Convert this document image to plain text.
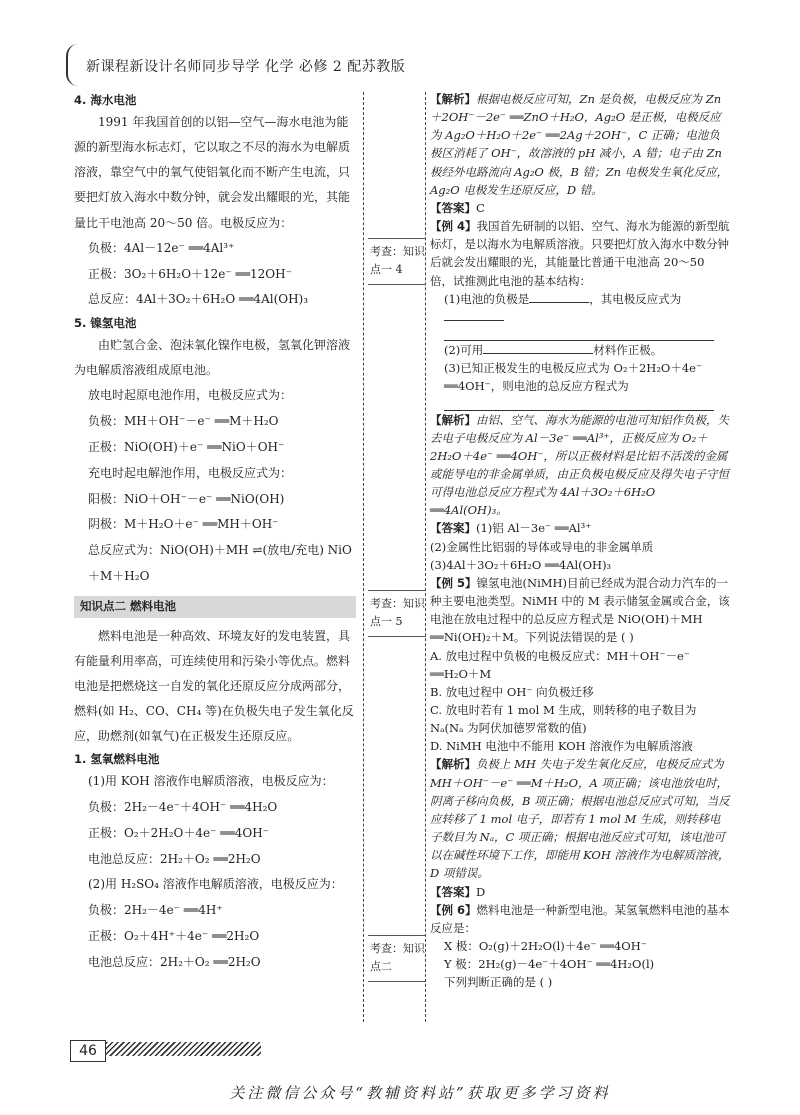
新课程新设计名师同步导学 化学 必修 2 配苏教版

4. 海水电池

1991 年我国首创的以铝—空气—海水电池为能源的新型海水标志灯，它以取之不尽的海水为电解质溶液，靠空气中的氧气使铝氧化而不断产生电流，只要把灯放入海水中数分钟，就会发出耀眼的光，其能量比干电池高 20～50 倍。电极反应为：

负极：4Al－12e⁻ ══4Al³⁺

正极：3O₂＋6H₂O＋12e⁻ ══12OH⁻

总反应：4Al＋3O₂＋6H₂O ══4Al(OH)₃

5. 镍氢电池

由贮氢合金、泡沫氧化镍作电极，氢氧化钾溶液为电解质溶液组成原电池。

放电时起原电池作用，电极反应式为：

负极：MH＋OH⁻－e⁻ ══M＋H₂O

正极：NiO(OH)＋e⁻ ══NiO＋OH⁻

充电时起电解池作用，电极反应式为：

阳极：NiO＋OH⁻－e⁻ ══NiO(OH)

阴极：M＋H₂O＋e⁻ ══MH＋OH⁻

总反应式为：NiO(OH)＋MH ⇌(放电/充电) NiO＋M＋H₂O

知识点二 燃料电池

燃料电池是一种高效、环境友好的发电装置，具有能量利用率高，可连续使用和污染小等优点。燃料电池是把燃烧这一自发的氧化还原反应分成两部分，燃料(如 H₂、CO、CH₄ 等)在负极失电子发生氧化反应，助燃剂(如氧气)在正极发生还原反应。

1. 氢氧燃料电池

(1)用 KOH 溶液作电解质溶液，电极反应为：

负极：2H₂－4e⁻＋4OH⁻ ══4H₂O

正极：O₂＋2H₂O＋4e⁻ ══4OH⁻

电池总反应：2H₂＋O₂ ══2H₂O

(2)用 H₂SO₄ 溶液作电解质溶液，电极反应为：

负极：2H₂－4e⁻ ══4H⁺

正极：O₂＋4H⁺＋4e⁻ ══2H₂O

电池总反应：2H₂＋O₂ ══2H₂O

考查：知识点一 4
考查：知识点一 5
考查：知识点二

【解析】根据电极反应可知，Zn 是负极，电极反应为 Zn＋2OH⁻－2e⁻ ══ZnO＋H₂O，Ag₂O 是正极，电极反应为 Ag₂O＋H₂O＋2e⁻ ══2Ag＋2OH⁻，C 正确；电池负极区消耗了 OH⁻，故溶液的 pH 减小，A 错；电子由 Zn 极经外电路流向 Ag₂O 极，B 错；Zn 电极发生氧化反应，Ag₂O 电极发生还原反应，D 错。

【答案】C

【例 4】我国首先研制的以铝、空气、海水为能源的新型航标灯，是以海水为电解质溶液。只要把灯放入海水中数分钟后就会发出耀眼的光，其能量比普通干电池高 20～50 倍，试推测此电池的基本结构：

(1)电池的负极是	，其电极反应式为

(2)可用	材料作正极。

(3)已知正极发生的电极反应式为 O₂＋2H₂O＋4e⁻ ══4OH⁻，则电池的总反应方程式为

【解析】由铝、空气、海水为能源的电池可知铝作负极，失去电子电极反应为 Al－3e⁻ ══Al³⁺，正极反应为 O₂＋2H₂O＋4e⁻ ══4OH⁻，所以正极材料是比铝不活泼的金属或能导电的非金属单质，由正负极电极反应及得失电子守恒可得电池总反应方程式为 4Al＋3O₂＋6H₂O ══4Al(OH)₃。

【答案】(1)铝 Al－3e⁻ ══Al³⁺

(2)金属性比铝弱的导体或导电的非金属单质

(3)4Al＋3O₂＋6H₂O ══4Al(OH)₃

【例 5】镍氢电池(NiMH)目前已经成为混合动力汽车的一种主要电池类型。NiMH 中的 M 表示储氢金属或合金，该电池在放电过程中的总反应方程式是 NiO(OH)＋MH ══Ni(OH)₂＋M。下列说法错误的是 ( )

A. 放电过程中负极的电极反应式：MH＋OH⁻－e⁻ ══H₂O＋M

B. 放电过程中 OH⁻ 向负极迁移

C. 放电时若有 1 mol M 生成，则转移的电子数目为 Nₐ(Nₐ 为阿伏加德罗常数的值)

D. NiMH 电池中不能用 KOH 溶液作为电解质溶液

【解析】负极上 MH 失电子发生氧化反应，电极反应式为 MH＋OH⁻－e⁻ ══M＋H₂O，A 项正确；该电池放电时，阴离子移向负极，B 项正确；根据电池总反应式可知，当反应转移了 1 mol 电子，即若有 1 mol M 生成，则转移电子数目为 Nₐ，C 项正确；根据电池反应式可知，该电池可以在碱性环境下工作，即能用 KOH 溶液作为电解质溶液，D 项错误。

【答案】D

【例 6】燃料电池是一种新型电池。某氢氧燃料电池的基本反应是：

X 极：O₂(g)＋2H₂O(l)＋4e⁻ ══4OH⁻

Y 极：2H₂(g)－4e⁻＋4OH⁻ ══4H₂O(l)

下列判断正确的是 ( )

46
关注微信公众号“教辅资料站”获取更多学习资料
